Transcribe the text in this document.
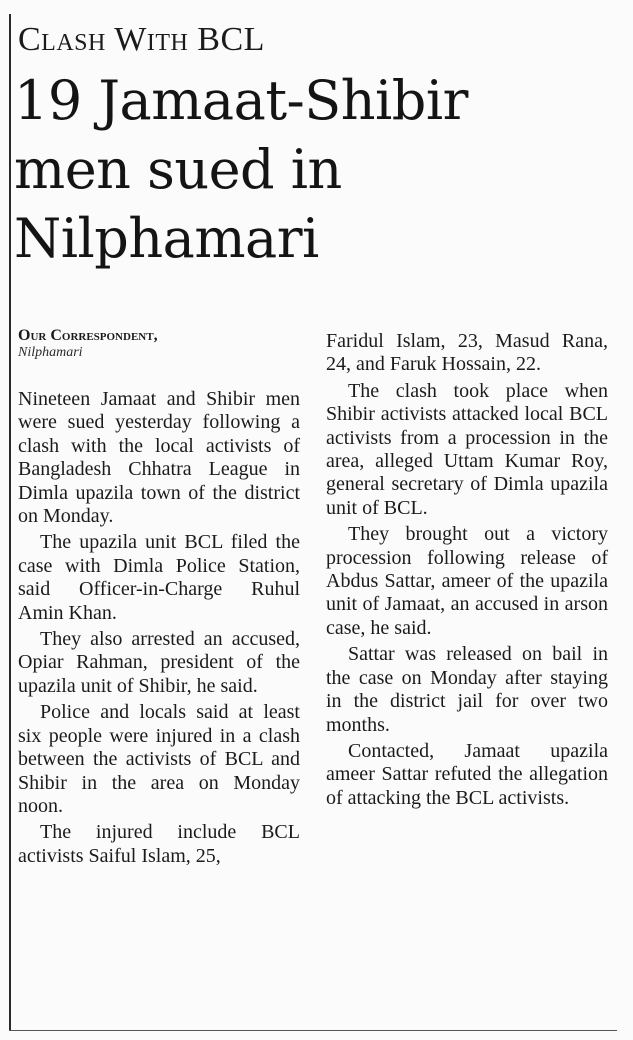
Clash With BCL
19 Jamaat-Shibir
men sued in
Nilphamari
Our Correspondent,
Nilphamari

Nineteen Jamaat and Shibir men were sued yesterday following a clash with the local activists of Bangladesh Chhatra League in Dimla upazila town of the district on Monday.

The upazila unit BCL filed the case with Dimla Police Station, said Officer-in-Charge Ruhul Amin Khan.

They also arrested an accused, Opiar Rahman, president of the upazila unit of Shibir, he said.

Police and locals said at least six people were injured in a clash between the activists of BCL and Shibir in the area on Monday noon.

The injured include BCL activists Saiful Islam, 25,

Faridul Islam, 23, Masud Rana, 24, and Faruk Hossain, 22.

The clash took place when Shibir activists attacked local BCL activists from a procession in the area, alleged Uttam Kumar Roy, general secretary of Dimla upazila unit of BCL.

They brought out a victory procession following release of Abdus Sattar, ameer of the upazila unit of Jamaat, an accused in arson case, he said.

Sattar was released on bail in the case on Monday after staying in the district jail for over two months.

Contacted, Jamaat upazila ameer Sattar refuted the allegation of attacking the BCL activists.
